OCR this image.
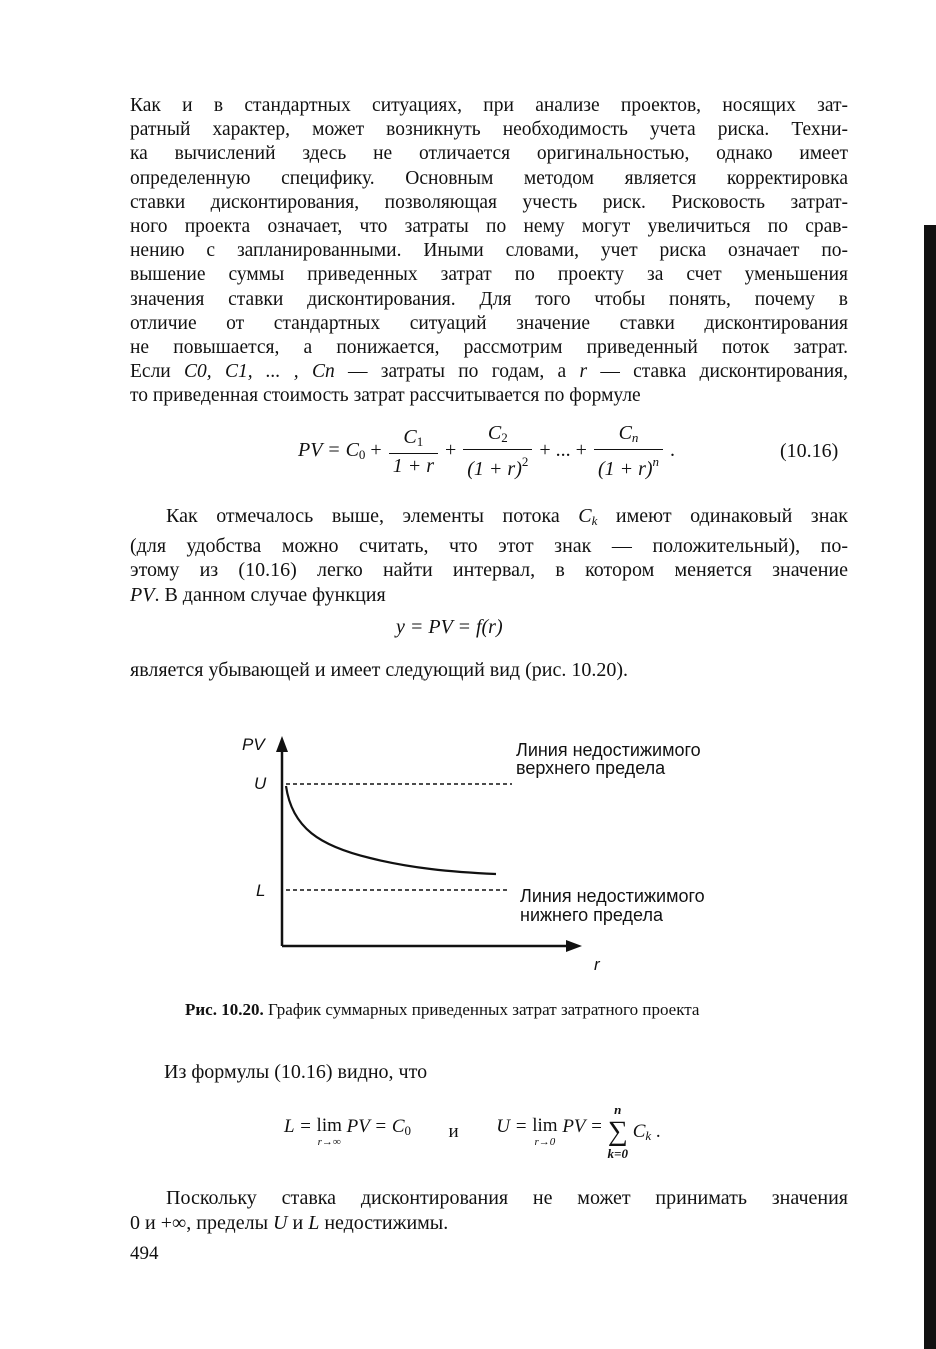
Как и в стандартных ситуациях, при анализе проектов, носящих зат-
ратный характер, может возникнуть необходимость учета риска. Техни-
ка вычислений здесь не отличается оригинальностью, однако имеет
определенную специфику. Основным методом является корректировка
ставки дисконтирования, позволяющая учесть риск. Рисковость затрат-
ного проекта означает, что затраты по нему могут увеличиться по срав-
нению с запланированными. Иными словами, учет риска означает по-
вышение суммы приведенных затрат по проекту за счет уменьшения
значения ставки дисконтирования. Для того чтобы понять, почему в
отличие от стандартных ситуаций значение ставки дисконтирования
не повышается, а понижается, рассмотрим приведенный поток затрат.
Если C0, C1, ... , Cn — затраты по годам, а r — ставка дисконтирования,
то приведенная стоимость затрат рассчитывается по формуле
PV = $C_0 + \frac{C_1}{1 + r} + \frac{C_2}{(1 + r)^2}$ + ... + $\frac{C_n}{(1 + r)^n}$ .	(10.16)
Как отмечалось выше, элементы потока $C_k$ имеют одинаковый знак
(для удобства можно считать, что этот знак — положительный), по-
этому из (10.16) легко найти интервал, в котором меняется значение
PV. В данном случае функция
y = PV = f(r)
является убывающей и имеет следующий вид (рис. 10.20).
PV
U
L
r
Линия недостижимого
верхнего предела
Линия недостижимого
нижнего предела
Рис. 10.20. График суммарных приведенных затрат затратного проекта
Из формулы (10.16) видно, что
L = lim
r→∞
PV = $C_0$ и U = lim
r→0
PV =
n
∑
k=0
$C_k$ .
Поскольку ставка дисконтирования не может принимать значения
0 и +∞, пределы U и L недостижимы.
494
